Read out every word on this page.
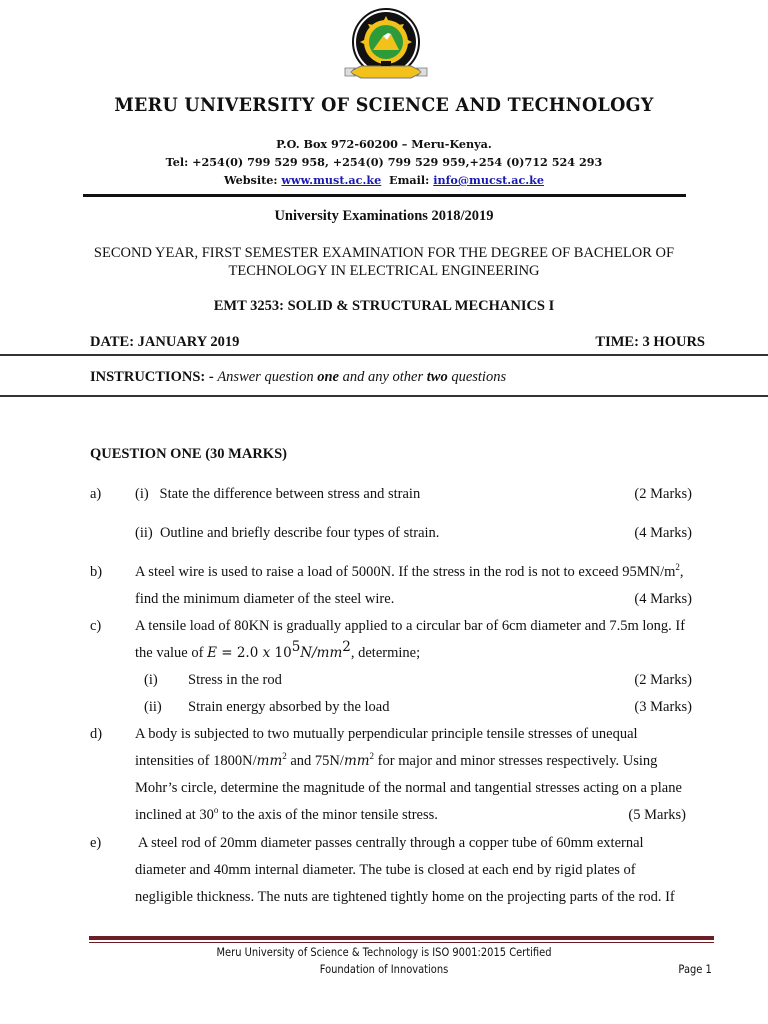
MERU UNIVERSITY OF SCIENCE AND TECHNOLOGY
P.O. Box 972-60200 – Meru-Kenya.
Tel: +254(0) 799 529 958, +254(0) 799 529 959,+254 (0)712 524 293
Website: www.must.ac.ke Email: info@mucst.ac.ke
University Examinations 2018/2019
SECOND YEAR, FIRST SEMESTER EXAMINATION FOR THE DEGREE OF BACHELOR OF
TECHNOLOGY IN ELECTRICAL ENGINEERING
EMT 3253: SOLID & STRUCTURAL MECHANICS I
DATE: JANUARY 2019	TIME: 3 HOURS
INSTRUCTIONS: - Answer question one and any other two questions
QUESTION ONE (30 MARKS)
a) (i)   State the difference between stress and strain	(2 Marks)
(ii)  Outline and briefly describe four types of strain.	(4 Marks)
b) A steel wire is used to raise a load of 5000N. If the stress in the rod is not to exceed $95MN/m^2$,
find the minimum diameter of the steel wire.	(4 Marks)
c) A tensile load of 80KN is gradually applied to a circular bar of 6cm diameter and 7.5m long. If
the value of E = 2.0 x $10^5N/mm^2$, determine;
(i)	Stress in the rod	(2 Marks)
(ii)	Strain energy absorbed by the load	(3 Marks)
d) A body is subjected to two mutually perpendicular principle tensile stresses of unequal
intensities of $1800N/mm^2$ and $75N/mm^2$ for major and minor stresses respectively. Using
Mohr’s circle, determine the magnitude of the normal and tangential stresses acting on a plane
inclined at 30$^o$ to the axis of the minor tensile stress.	(5 Marks)
e) A steel rod of 20mm diameter passes centrally through a copper tube of 60mm external
diameter and 40mm internal diameter. The tube is closed at each end by rigid plates of
negligible thickness. The nuts are tightened tightly home on the projecting parts of the rod. If
Meru University of Science & Technology is ISO 9001:2015 Certified
Foundation of Innovations	Page 1
